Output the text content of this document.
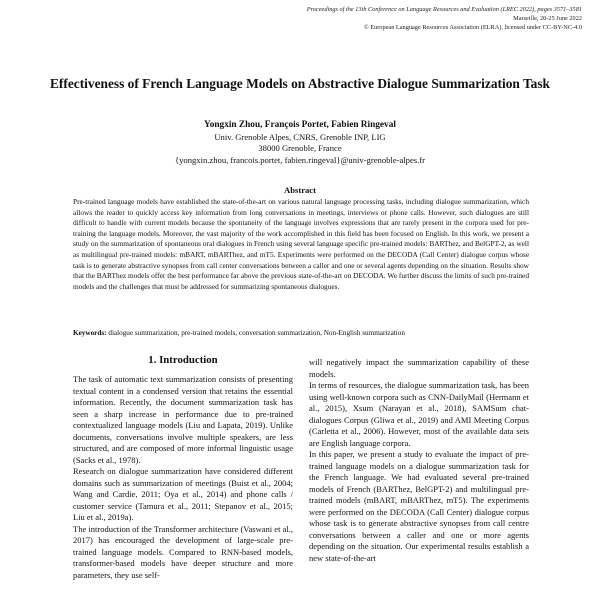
Proceedings of the 13th Conference on Language Resources and Evaluation (LREC 2022), pages 3571–3581
Marseille, 20-25 June 2022
© European Language Resources Association (ELRA), licensed under CC-BY-NC-4.0
Effectiveness of French Language Models on Abstractive Dialogue Summarization Task
Yongxin Zhou, François Portet, Fabien Ringeval
Univ. Grenoble Alpes, CNRS, Grenoble INP, LIG
38000 Grenoble, France
{yongxin.zhou, francois.portet, fabien.ringeval}@univ-grenoble-alpes.fr
Abstract
Pre-trained language models have established the state-of-the-art on various natural language processing tasks, including dialogue summarization, which allows the reader to quickly access key information from long conversations in meetings, interviews or phone calls. However, such dialogues are still difficult to handle with current models because the spontaneity of the language involves expressions that are rarely present in the corpora used for pre-training the language models. Moreover, the vast majority of the work accomplished in this field has been focused on English. In this work, we present a study on the summarization of spontaneous oral dialogues in French using several language specific pre-trained models: BARThez, and BelGPT-2, as well as multilingual pre-trained models: mBART, mBARThez, and mT5. Experiments were performed on the DECODA (Call Center) dialogue corpus whose task is to generate abstractive synopses from call center conversations between a caller and one or several agents depending on the situation. Results show that the BARThez models offer the best performance far above the previous state-of-the-art on DECODA. We further discuss the limits of such pre-trained models and the challenges that must be addressed for summarizing spontaneous dialogues.
Keywords: dialogue summarization, pre-trained models, conversation summarization, Non-English summarization
1. Introduction

The task of automatic text summarization consists of presenting textual content in a condensed version that retains the essential information. Recently, the document summarization task has seen a sharp increase in performance due to pre-trained contextualized language models (Liu and Lapata, 2019). Unlike documents, conversations involve multiple speakers, are less structured, and are composed of more informal linguistic usage (Sacks et al., 1978).

Research on dialogue summarization have considered different domains such as summarization of meetings (Buist et al., 2004; Wang and Cardie, 2011; Oya et al., 2014) and phone calls / customer service (Tamura et al., 2011; Stepanov et al., 2015; Liu et al., 2019a).

The introduction of the Transformer architecture (Vaswani et al., 2017) has encouraged the development of large-scale pre-trained language models. Compared to RNN-based models, transformer-based models have deeper structure and more parameters, they use self-

will negatively impact the summarization capability of these models.

In terms of resources, the dialogue summarization task, has been using well-known corpora such as CNN-DailyMail (Hermann et al., 2015), Xsum (Narayan et al., 2018), SAMSum chat-dialogues Corpus (Gliwa et al., 2019) and AMI Meeting Corpus (Carletta et al., 2006). However, most of the available data sets are English language corpora.

In this paper, we present a study to evaluate the impact of pre-trained language models on a dialogue summarization task for the French language. We had evaluated several pre-trained models of French (BARThez, BelGPT-2) and multilingual pre-trained models (mBART, mBARThez, mT5). The experiments were performed on the DECODA (Call Center) dialogue corpus whose task is to generate abstractive synopses from call centre conversations between a caller and one or more agents depending on the situation. Our experimental results establish a new state-of-the-art
